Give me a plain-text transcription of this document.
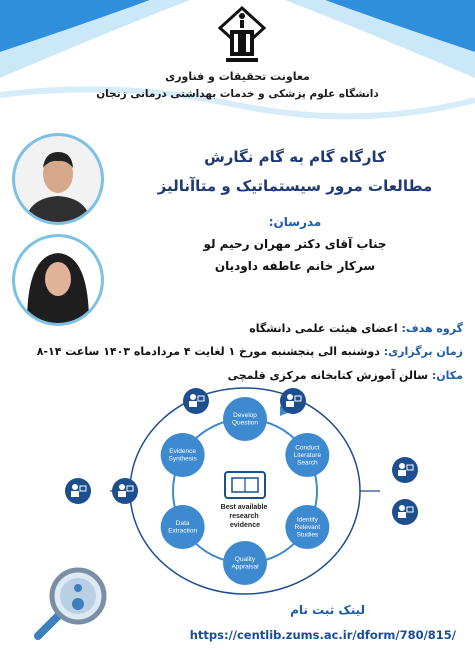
معاونت تحقیقات و فناوری
دانشگاه علوم پزشکی و خدمات بهداشتی درمانی زنجان
کارگاه گام به گام نگارش
مطالعات مرور سیستماتیک و متاآنالیز
مدرسان:
جناب آقای دکتر مهران رحیم لو
سرکار خانم عاطفه داودیان
گروه هدف: اعضای هیئت علمی دانشگاه
زمان برگزاری: دوشنبه الی پنجشنبه مورخ ۱ لغایت ۴ مردادماه ۱۴۰۳ ساعت ۱۴-۸
مکان: سالن آموزش کتابخانه مرکزی قلمچی
Best available research evidence
Develop Question
Conduct Literature Search
Identify Relevant Studies
Quality Appraisal
Data Extraction
Evidence Synthesis
لینک ثبت نام
https://centlib.zums.ac.ir/dform/780/815/
